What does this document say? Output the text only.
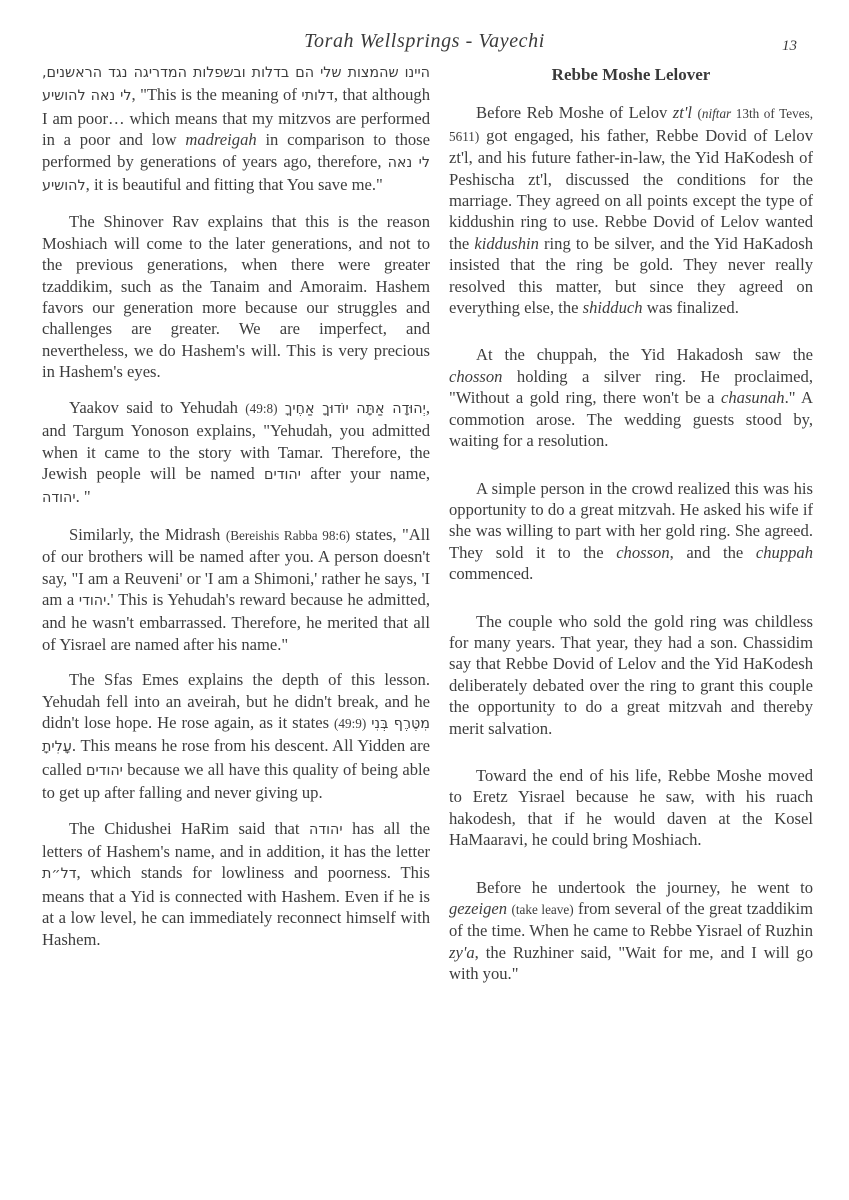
Torah Wellsprings - Vayechi	13

היינו שהמצות שלי הם בדלות ובשפלות המדריגה נגד הראשנים, לי נאה להושיע, "This is the meaning of דלותי, that although I am poor… which means that my mitzvos are performed in a poor and low madreigah in comparison to those performed by generations of years ago, therefore, לי נאה להושיע, it is beautiful and fitting that You save me."

The Shinover Rav explains that this is the reason Moshiach will come to the later generations, and not to the previous generations, when there were greater tzaddikim, such as the Tanaim and Amoraim. Hashem favors our generation more because our struggles and challenges are greater. We are imperfect, and nevertheless, we do Hashem's will. This is very precious in Hashem's eyes.

Yaakov said to Yehudah (49:8) יְהוּדָה אַתָּה יוֹדוּךָ אַחֶיךָ, and Targum Yonoson explains, "Yehudah, you admitted when it came to the story with Tamar. Therefore, the Jewish people will be named יהודים after your name, יהודה. "

Similarly, the Midrash (Bereishis Rabba 98:6) states, "All of our brothers will be named after you. A person doesn't say, "I am a Reuveni' or 'I am a Shimoni,' rather he says, 'I am a יהודי.' This is Yehudah's reward because he admitted, and he wasn't embarrassed. Therefore, he merited that all of Yisrael are named after his name."

The Sfas Emes explains the depth of this lesson. Yehudah fell into an aveirah, but he didn't break, and he didn't lose hope. He rose again, as it states (49:9) מִטֶּרֶף בְּנִי עָלִיתָ. This means he rose from his descent. All Yidden are called יהודים because we all have this quality of being able to get up after falling and never giving up.

The Chidushei HaRim said that יהודה has all the letters of Hashem's name, and in addition, it has the letter דל״ת, which stands for lowliness and poorness. This means that a Yid is connected with Hashem. Even if he is at a low level, he can immediately reconnect himself with Hashem.

Rebbe Moshe Lelover

Before Reb Moshe of Lelov zt'l (niftar 13th of Teves, 5611) got engaged, his father, Rebbe Dovid of Lelov zt'l, and his future father-in-law, the Yid HaKodesh of Peshischa zt'l, discussed the conditions for the marriage. They agreed on all points except the type of kiddushin ring to use. Rebbe Dovid of Lelov wanted the kiddushin ring to be silver, and the Yid HaKadosh insisted that the ring be gold. They never really resolved this matter, but since they agreed on everything else, the shidduch was finalized.

At the chuppah, the Yid Hakadosh saw the chosson holding a silver ring. He proclaimed, "Without a gold ring, there won't be a chasunah." A commotion arose. The wedding guests stood by, waiting for a resolution.

A simple person in the crowd realized this was his opportunity to do a great mitzvah. He asked his wife if she was willing to part with her gold ring. She agreed. They sold it to the chosson, and the chuppah commenced.

The couple who sold the gold ring was childless for many years. That year, they had a son. Chassidim say that Rebbe Dovid of Lelov and the Yid HaKodesh deliberately debated over the ring to grant this couple the opportunity to do a great mitzvah and thereby merit salvation.

Toward the end of his life, Rebbe Moshe moved to Eretz Yisrael because he saw, with his ruach hakodesh, that if he would daven at the Kosel HaMaaravi, he could bring Moshiach.

Before he undertook the journey, he went to gezeigen (take leave) from several of the great tzaddikim of the time. When he came to Rebbe Yisrael of Ruzhin zy'a, the Ruzhiner said, "Wait for me, and I will go with you."
